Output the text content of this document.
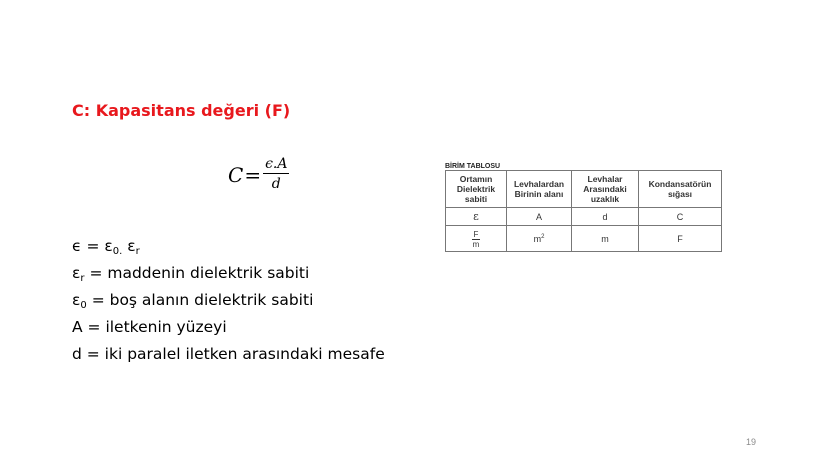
C: Kapasitans değeri (F)
$C = \frac{\epsilon.A}{d}$
$\epsilon = \varepsilon_{0.}$ $\varepsilon_r$
$\varepsilon_r$ = maddenin dielektrik sabiti
$\varepsilon_0$ = boş alanın dielektrik sabiti
A = iletkenin yüzeyi
d = iki paralel iletken arasındaki mesafe
BİRİM TABLOSU
Ortamın Dielektrik sabiti	Levhalardan Birinin alanı	Levhalar Arasındaki uzaklık	Kondansatörün sığası
ε	A	d	C

$\frac{F}{m}$	$m^2$	m	F
19
